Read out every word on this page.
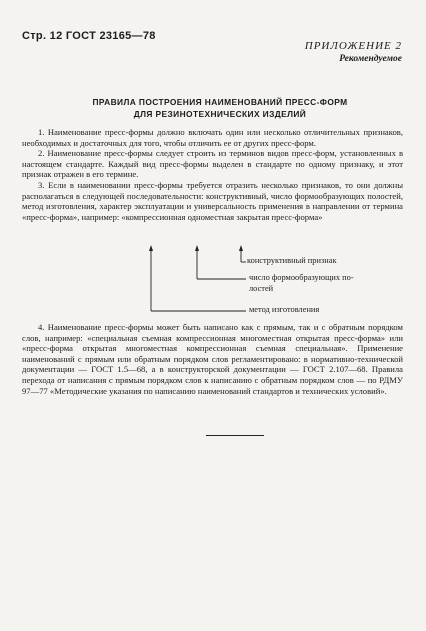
Стр. 12 ГОСТ 23165—78
ПРИЛОЖЕНИЕ 2
Рекомендуемое
ПРАВИЛА ПОСТРОЕНИЯ НАИМЕНОВАНИЙ ПРЕСС-ФОРМ
ДЛЯ РЕЗИНОТЕХНИЧЕСКИХ ИЗДЕЛИЙ

1. Наименование пресс-формы должно включать один или несколько отличительных признаков, необходимых и достаточных для того, чтобы отличить ее от других пресс-форм.

2. Наименование пресс-формы следует строить из терминов видов пресс-форм, установленных в настоящем стандарте. Каждый вид пресс-формы выделен в стандарте по одному признаку, и этот признак отражен в его термине.

3. Если в наименовании пресс-формы требуется отразить несколько признаков, то они должны располагаться в следующей последовательности: конструктивный, число формообразующих полостей, метод изготовления, характер эксплуатации и универсальность применения в направлении от термина «пресс-форма», например: «компрессионная одноместная закрытая пресс-форма»

конструктивный признак
число формообразующих по-
лостей
метод изготовления

4. Наименование пресс-формы может быть написано как с прямым, так и с обратным порядком слов, например: «специальная съемная компрессионная многоместная открытая пресс-форма» или «пресс-форма открытая многоместная компрессионная съемная специальная». Применение наименований с прямым или обратным порядком слов регламентировано: в нормативно-технической документации — ГОСТ 1.5—68, а в конструкторской документации — ГОСТ 2.107—68. Правила перехода от написания с прямым порядком слов к написанию с обратным порядком слов — по РДМУ 97—77 «Методические указания по написанию наименований стандартов и технических условий».
